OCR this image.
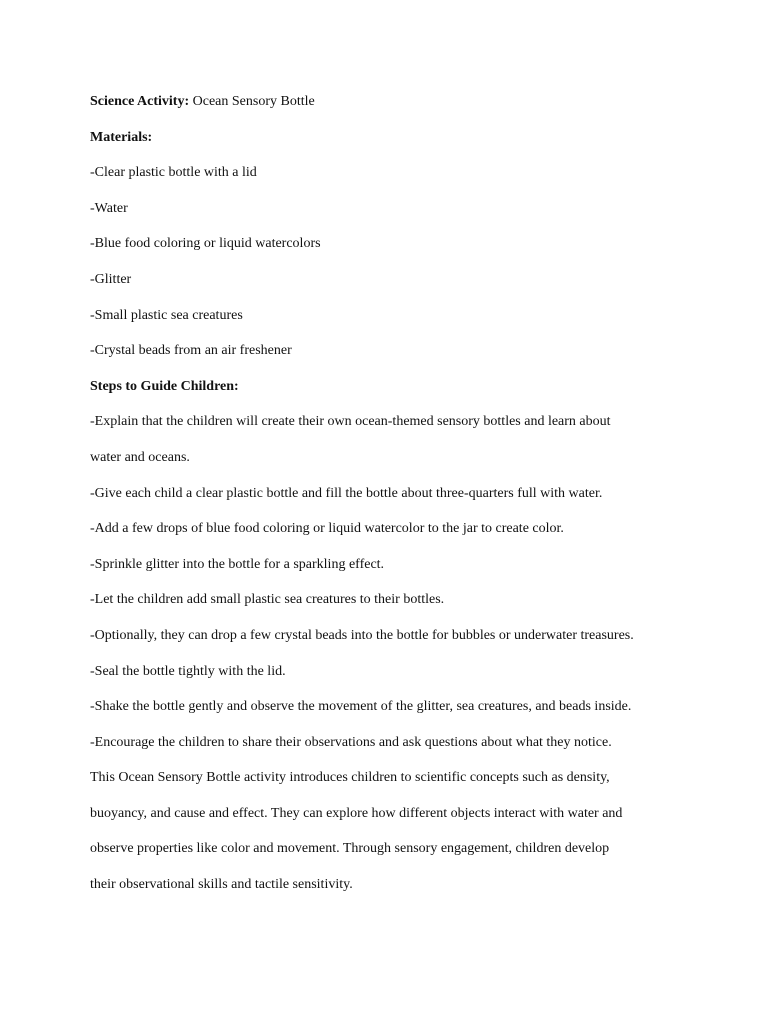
Science Activity: Ocean Sensory Bottle
Materials:
-Clear plastic bottle with a lid
-Water
-Blue food coloring or liquid watercolors
-Glitter
-Small plastic sea creatures
-Crystal beads from an air freshener
Steps to Guide Children:
-Explain that the children will create their own ocean-themed sensory bottles and learn about
water and oceans.
-Give each child a clear plastic bottle and fill the bottle about three-quarters full with water.
-Add a few drops of blue food coloring or liquid watercolor to the jar to create color.
-Sprinkle glitter into the bottle for a sparkling effect.
-Let the children add small plastic sea creatures to their bottles.
-Optionally, they can drop a few crystal beads into the bottle for bubbles or underwater treasures.
-Seal the bottle tightly with the lid.
-Shake the bottle gently and observe the movement of the glitter, sea creatures, and beads inside.
-Encourage the children to share their observations and ask questions about what they notice.
This Ocean Sensory Bottle activity introduces children to scientific concepts such as density,
buoyancy, and cause and effect. They can explore how different objects interact with water and
observe properties like color and movement. Through sensory engagement, children develop
their observational skills and tactile sensitivity.
